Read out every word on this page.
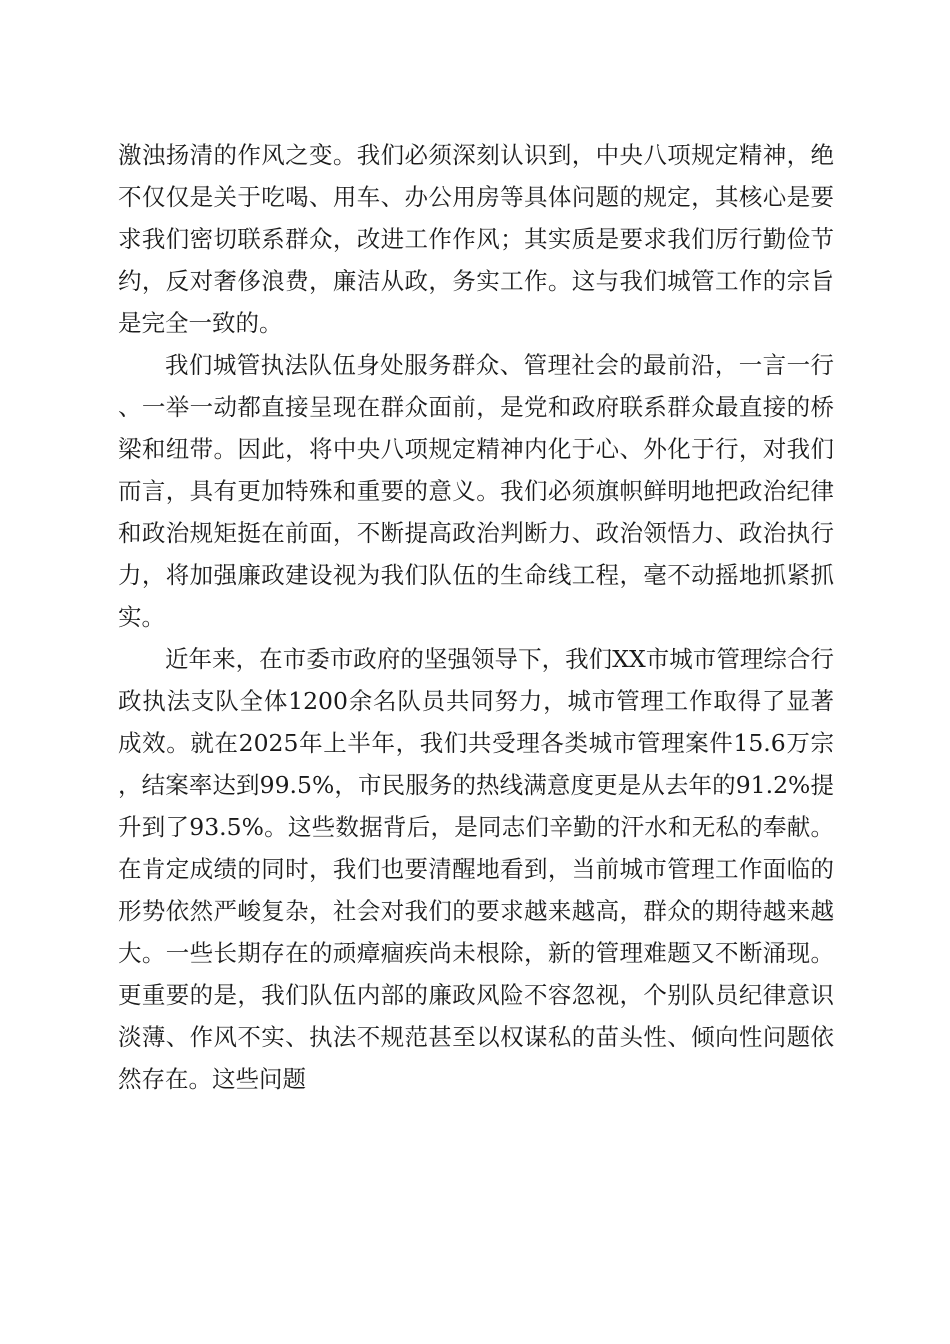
激浊扬清的作风之变。我们必须深刻认识到，中央八项规定精神，绝不仅仅是关于吃喝、用车、办公用房等具体问题的规定，其核心是要求我们密切联系群众，改进工作作风；其实质是要求我们厉行勤俭节约，反对奢侈浪费，廉洁从政，务实工作。这与我们城管工作的宗旨是完全一致的。

我们城管执法队伍身处服务群众、管理社会的最前沿，一言一行、一举一动都直接呈现在群众面前，是党和政府联系群众最直接的桥梁和纽带。因此，将中央八项规定精神内化于心、外化于行，对我们而言，具有更加特殊和重要的意义。我们必须旗帜鲜明地把政治纪律和政治规矩挺在前面，不断提高政治判断力、政治领悟力、政治执行力，将加强廉政建设视为我们队伍的生命线工程，毫不动摇地抓紧抓实。

近年来，在市委市政府的坚强领导下，我们XX市城市管理综合行政执法支队全体1200余名队员共同努力，城市管理工作取得了显著成效。就在2025年上半年，我们共受理各类城市管理案件15.6万宗，结案率达到99.5%，市民服务的热线满意度更是从去年的91.2%提升到了93.5%。这些数据背后，是同志们辛勤的汗水和无私的奉献。在肯定成绩的同时，我们也要清醒地看到，当前城市管理工作面临的形势依然严峻复杂，社会对我们的要求越来越高，群众的期待越来越大。一些长期存在的顽瘴痼疾尚未根除，新的管理难题又不断涌现。更重要的是，我们队伍内部的廉政风险不容忽视，个别队员纪律意识淡薄、作风不实、执法不规范甚至以权谋私的苗头性、倾向性问题依然存在。这些问题
